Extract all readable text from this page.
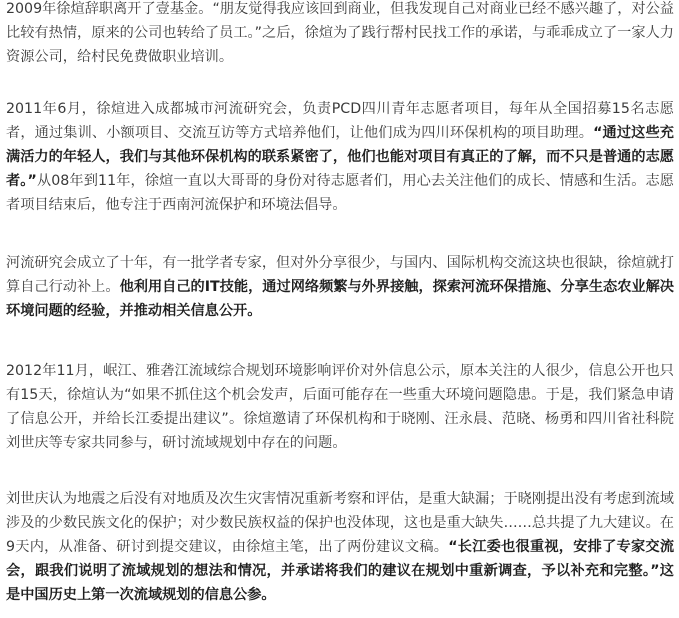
2009年徐煊辞职离开了壹基金。“朋友觉得我应该回到商业，但我发现自己对商业已经不感兴趣了，对公益比较有热情，原来的公司也转给了员工。”之后，徐煊为了践行帮村民找工作的承诺，与乖乖成立了一家人力资源公司，给村民免费做职业培训。

2011年6月，徐煊进入成都城市河流研究会，负责PCD四川青年志愿者项目，每年从全国招募15名志愿者，通过集训、小额项目、交流互访等方式培养他们，让他们成为四川环保机构的项目助理。“通过这些充满活力的年轻人，我们与其他环保机构的联系紧密了，他们也能对项目有真正的了解，而不只是普通的志愿者。”从08年到11年，徐煊一直以大哥哥的身份对待志愿者们，用心去关注他们的成长、情感和生活。志愿者项目结束后，他专注于西南河流保护和环境法倡导。

河流研究会成立了十年，有一批学者专家，但对外分享很少，与国内、国际机构交流这块也很缺，徐煊就打算自己行动补上。他利用自己的IT技能，通过网络频繁与外界接触，探索河流环保措施、分享生态农业解决环境问题的经验，并推动相关信息公开。

2012年11月，岷江、雅砻江流域综合规划环境影响评价对外信息公示，原本关注的人很少，信息公开也只有15天，徐煊认为“如果不抓住这个机会发声，后面可能存在一些重大环境问题隐患。于是，我们紧急申请了信息公开，并给长江委提出建议”。徐煊邀请了环保机构和于晓刚、汪永晨、范晓、杨勇和四川省社科院刘世庆等专家共同参与，研讨流域规划中存在的问题。

刘世庆认为地震之后没有对地质及次生灾害情况重新考察和评估，是重大缺漏；于晓刚提出没有考虑到流域涉及的少数民族文化的保护；对少数民族权益的保护也没体现，这也是重大缺失……总共提了九大建议。在9天内，从准备、研讨到提交建议，由徐煊主笔，出了两份建议文稿。“长江委也很重视，安排了专家交流会，跟我们说明了流域规划的想法和情况，并承诺将我们的建议在规划中重新调查，予以补充和完整。”这是中国历史上第一次流域规划的信息公参。
